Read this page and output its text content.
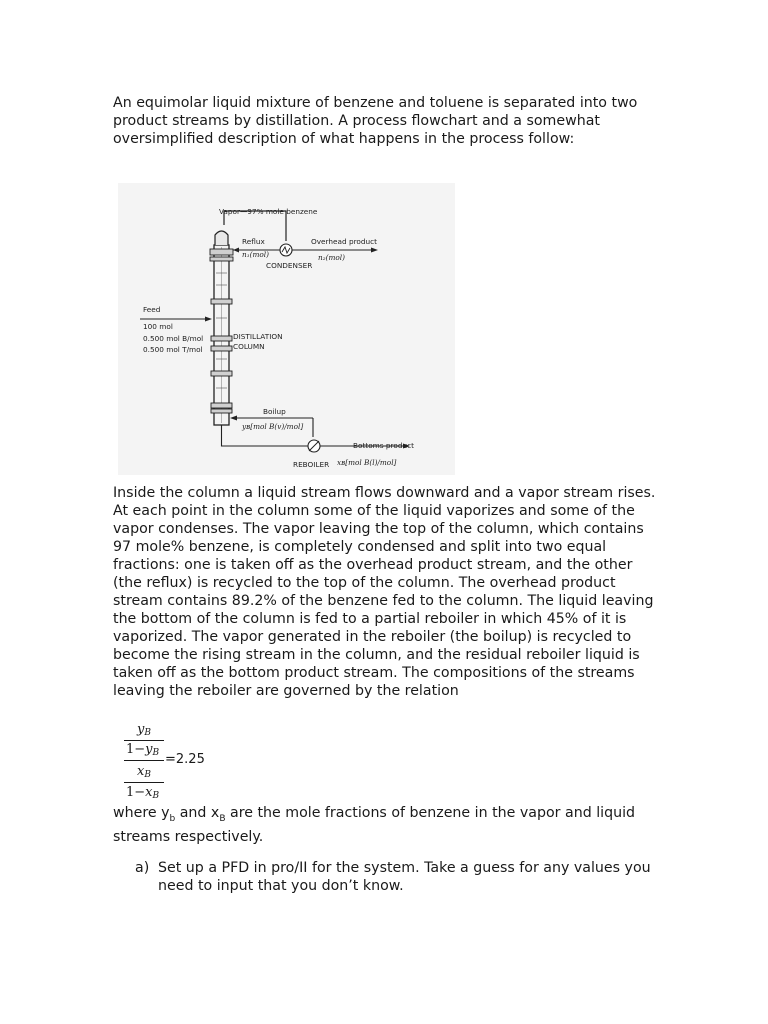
An equimolar liquid mixture of benzene and toluene is separated into two product streams by distillation. A process flowchart and a somewhat oversimplified description of what happens in the process follow:

Vapor—97% mole benzene
Reflux
n₁(mol)
Overhead product
n₂(mol)
CONDENSER
Feed
100 mol
0.500 mol B/mol
0.500 mol T/mol
DISTILLATION
COLUMN
Boilup
yʙ[mol B(v)/mol]
Bottoms product
REBOILER xʙ[mol B(l)/mol]

Inside the column a liquid stream flows downward and a vapor stream rises. At each point in the column some of the liquid vaporizes and some of the vapor condenses. The vapor leaving the top of the column, which contains 97 mole% benzene, is completely condensed and split into two equal fractions: one is taken off as the overhead product stream, and the other (the reflux) is recycled to the top of the column. The overhead product stream contains 89.2% of the benzene fed to the column. The liquid leaving the bottom of the column is fed to a partial reboiler in which 45% of it is vaporized. The vapor generated in the reboiler (the boilup) is recycled to become the rising stream in the column, and the residual reboiler liquid is taken off as the bottom product stream. The compositions of the streams leaving the reboiler are governed by the relation

yB
1−yB
xB
1−xB
=2.25

where $y_b$ and $x_B$ are the mole fractions of benzene in the vapor and liquid streams respectively.

a) Set up a PFD in pro/II for the system. Take a guess for any values you need to input that you don’t know.
